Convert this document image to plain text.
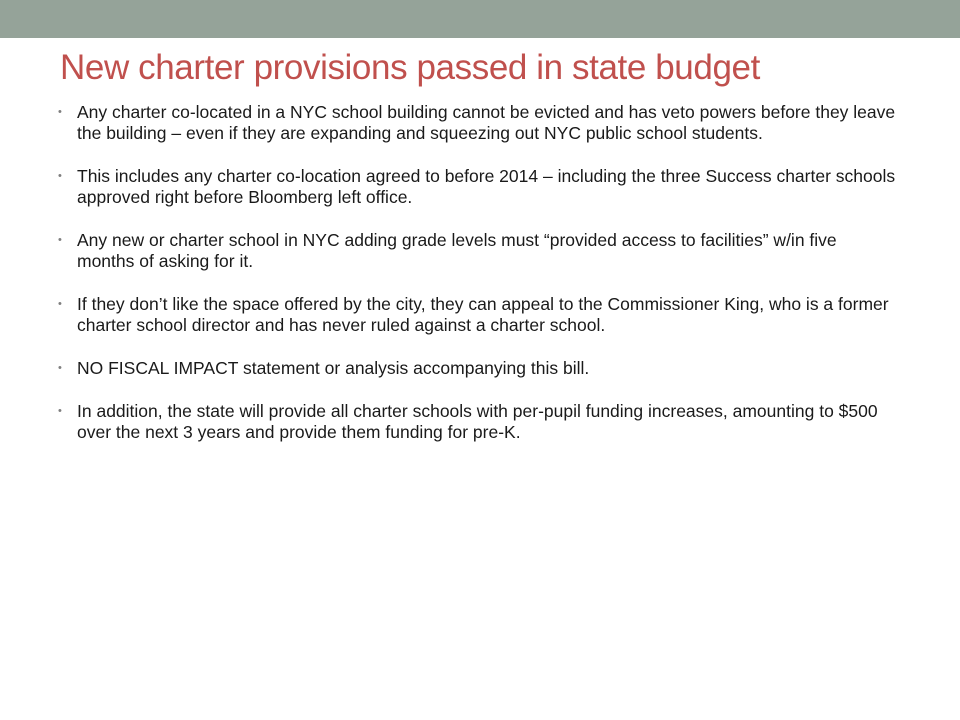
New charter provisions passed in state budget
• Any charter co-located in a NYC school building cannot be evicted and has veto powers before they leave the building – even if they are expanding and squeezing out NYC public school students.
• This includes any charter co-location agreed to before 2014 – including the three Success charter schools approved right before Bloomberg left office.
• Any new or charter school in NYC adding grade levels must “provided access to facilities” w/in five months of asking for it.
• If they don’t like the space offered by the city, they can appeal to the Commissioner King, who is a former charter school director and has never ruled against a charter school.
• NO FISCAL IMPACT statement or analysis accompanying this bill.
• In addition, the state will provide all charter schools with per-pupil funding increases, amounting to $500 over the next 3 years and provide them funding for pre-K.
